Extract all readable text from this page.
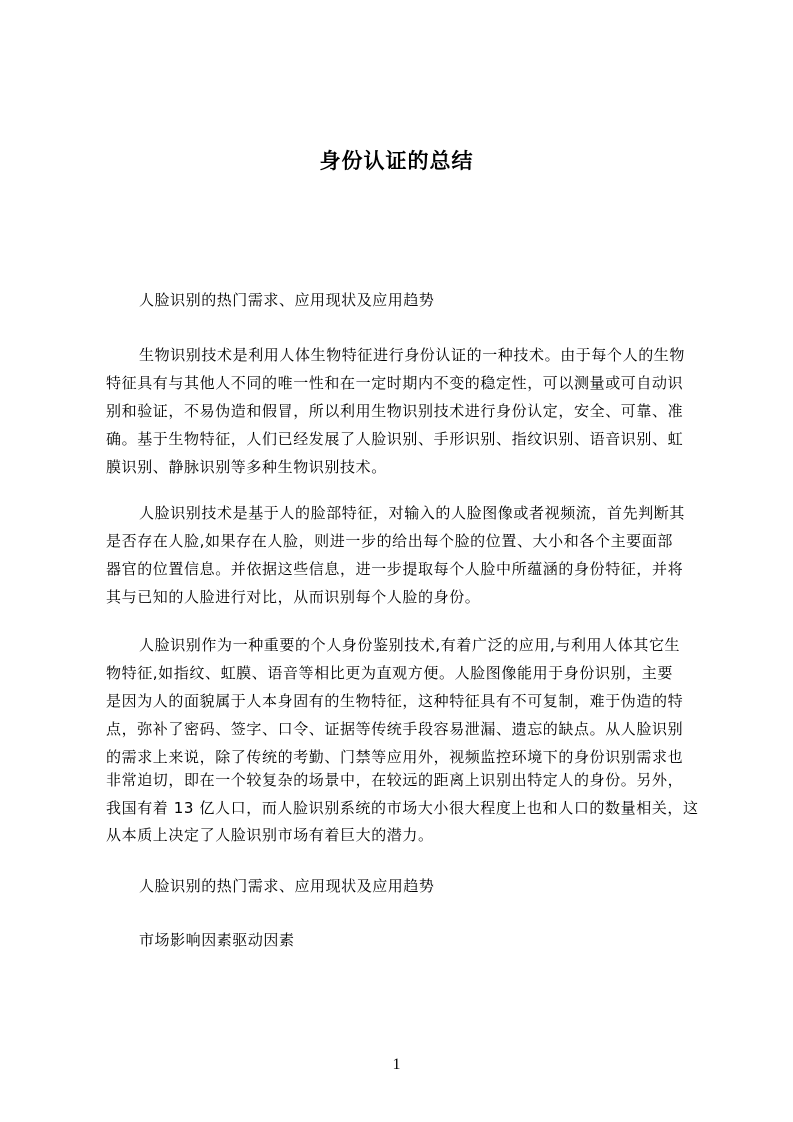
身份认证的总结
人脸识别的热门需求、应用现状及应用趋势
生物识别技术是利用人体生物特征进行身份认证的一种技术。由于每个人的生物
特征具有与其他人不同的唯一性和在一定时期内不变的稳定性，可以测量或可自动识
别和验证，不易伪造和假冒，所以利用生物识别技术进行身份认定，安全、可靠、准
确。基于生物特征，人们已经发展了人脸识别、手形识别、指纹识别、语音识别、虹
膜识别、静脉识别等多种生物识别技术。
人脸识别技术是基于人的脸部特征，对输入的人脸图像或者视频流，首先判断其
是否存在人脸,如果存在人脸，则进一步的给出每个脸的位置、大小和各个主要面部
器官的位置信息。并依据这些信息，进一步提取每个人脸中所蕴涵的身份特征，并将
其与已知的人脸进行对比，从而识别每个人脸的身份。
人脸识别作为一种重要的个人身份鉴别技术,有着广泛的应用,与利用人体其它生
物特征,如指纹、虹膜、语音等相比更为直观方便。人脸图像能用于身份识别，主要
是因为人的面貌属于人本身固有的生物特征，这种特征具有不可复制，难于伪造的特
点，弥补了密码、签字、口令、证据等传统手段容易泄漏、遗忘的缺点。从人脸识别
的需求上来说，除了传统的考勤、门禁等应用外，视频监控环境下的身份识别需求也
非常迫切，即在一个较复杂的场景中，在较远的距离上识别出特定人的身份。另外，
我国有着 13 亿人口，而人脸识别系统的市场大小很大程度上也和人口的数量相关，这
从本质上决定了人脸识别市场有着巨大的潜力。
人脸识别的热门需求、应用现状及应用趋势
市场影响因素驱动因素
1
